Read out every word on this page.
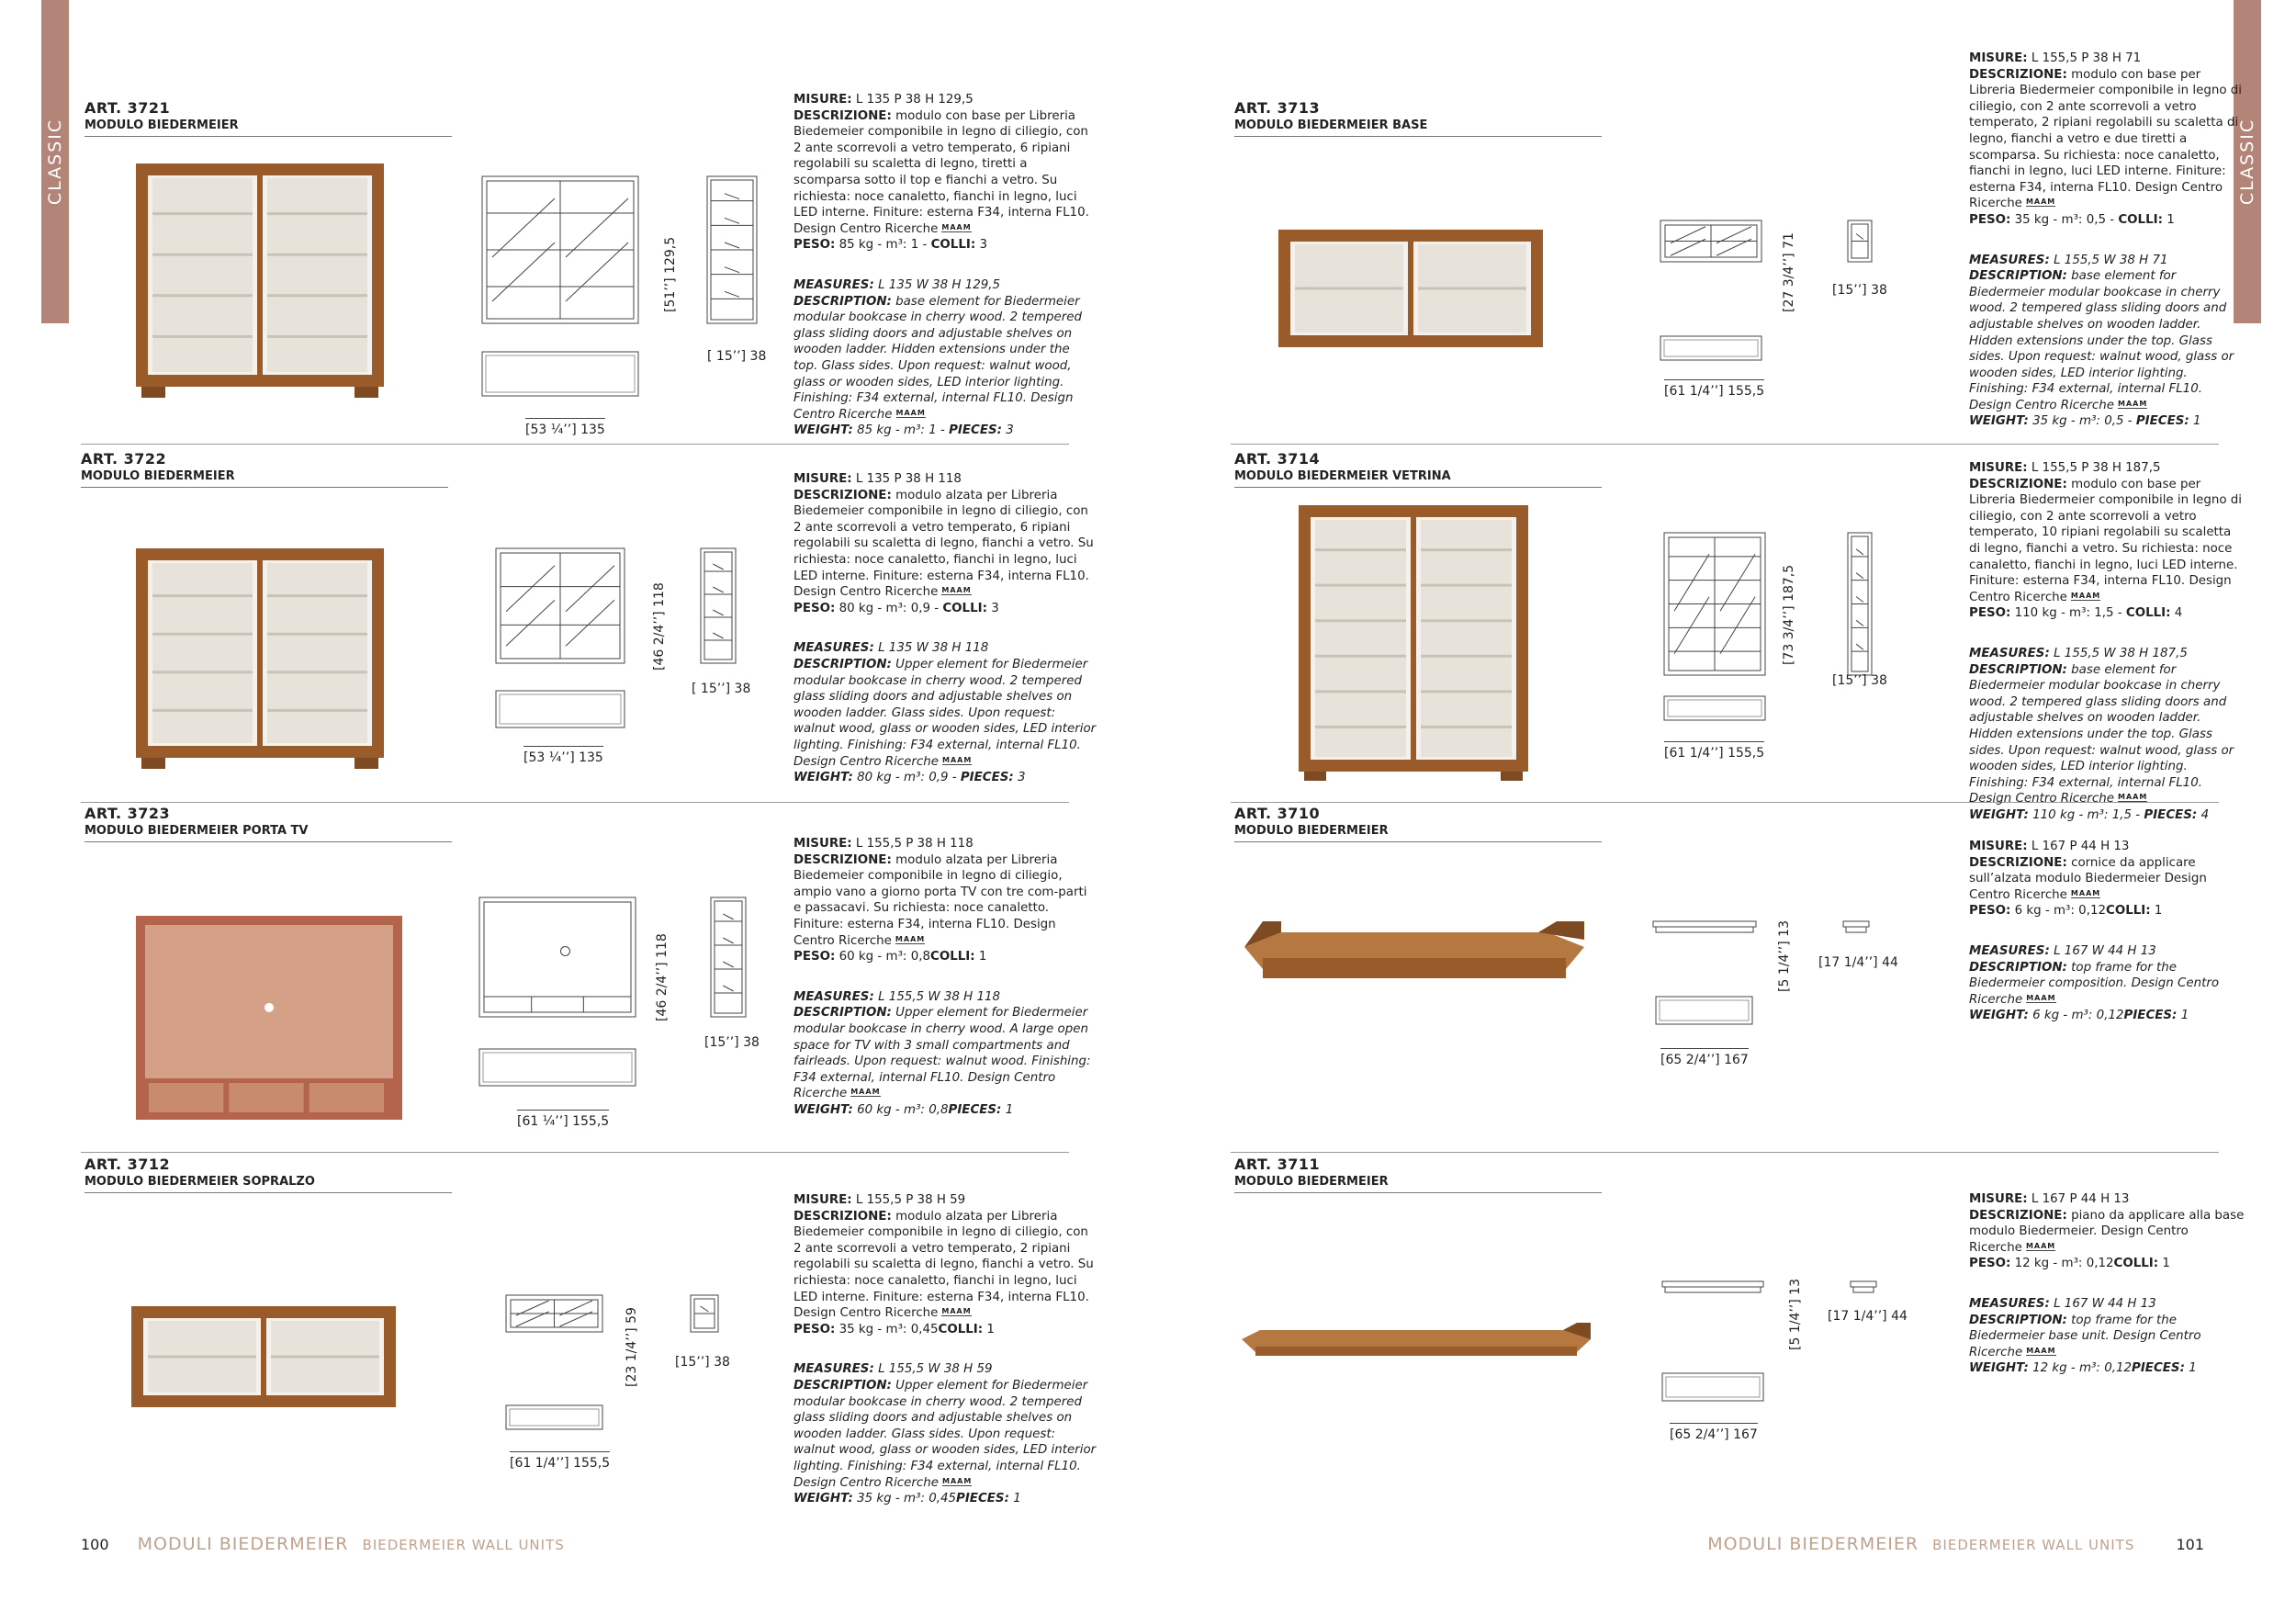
CLASSIC	CLASSIC
ART. 3721
MODULO BIEDERMEIER
[53 ¼’’] 135
[51’’] 129,5
[ 15’’] 38

MISURE: L 135 P 38 H 129,5
DESCRIZIONE: modulo con base per Libreria Biedemeier componibile in legno di ciliegio, con 2 ante scorrevoli a vetro temperato, 6 ripiani regolabili su scaletta di legno, tiretti a scomparsa sotto il top e fianchi a vetro. Su richiesta: noce canaletto, fianchi in legno, luci LED interne. Finiture: esterna F34, interna FL10. Design Centro Ricerche MAAM
PESO: 85 kg - m³: 1 - COLLI: 3

MEASURES: L 135 W 38 H 129,5
DESCRIPTION: base element for Biedermeier modular bookcase in cherry wood. 2 tempered glass sliding doors and adjustable shelves on wooden ladder. Hidden extensions under the top. Glass sides. Upon request: walnut wood, glass or wooden sides, LED interior lighting. Finishing: F34 external, internal FL10. Design Centro Ricerche MAAM
WEIGHT: 85 kg - m³: 1 - PIECES: 3

ART. 3722
MODULO BIEDERMEIER
[53 ¼’’] 135
[46 2/4’’] 118
[ 15’’] 38

MISURE: L 135 P 38 H 118
DESCRIZIONE: modulo alzata per Libreria Biedemeier componibile in legno di ciliegio, con 2 ante scorrevoli a vetro temperato, 6 ripiani regolabili su scaletta di legno, fianchi a vetro. Su richiesta: noce canaletto, fianchi in legno, luci LED interne. Finiture: esterna F34, interna FL10. Design Centro Ricerche MAAM
PESO: 80 kg - m³: 0,9 - COLLI: 3

MEASURES: L 135 W 38 H 118
DESCRIPTION: Upper element for Biedermeier modular bookcase in cherry wood. 2 tempered glass sliding doors and adjustable shelves on wooden ladder. Glass sides. Upon request: walnut wood, glass or wooden sides, LED interior lighting. Finishing: F34 external, internal FL10. Design Centro Ricerche MAAM
WEIGHT: 80 kg - m³: 0,9 - PIECES: 3

ART. 3723
MODULO BIEDERMEIER PORTA TV
[61 ¼’’] 155,5
[46 2/4’’] 118
[15’’] 38

MISURE: L 155,5 P 38 H 118
DESCRIZIONE: modulo alzata per Libreria Biedemeier componibile in legno di ciliegio, ampio vano a giorno porta TV con tre com-parti e passacavi. Su richiesta: noce canaletto. Finiture: esterna F34, interna FL10. Design Centro Ricerche MAAM
PESO: 60 kg - m³: 0,8COLLI: 1

MEASURES: L 155,5 W 38 H 118
DESCRIPTION: Upper element for Biedermeier modular bookcase in cherry wood. A large open space for TV with 3 small compartments and fairleads. Upon request: walnut wood. Finishing: F34 external, internal FL10. Design Centro Ricerche MAAM
WEIGHT: 60 kg - m³: 0,8PIECES: 1

ART. 3712
MODULO BIEDERMEIER SOPRALZO
[61 1/4’’] 155,5
[23 1/4’’] 59	[15’’] 38

MISURE: L 155,5 P 38 H 59
DESCRIZIONE: modulo alzata per Libreria Biedemeier componibile in legno di ciliegio, con 2 ante scorrevoli a vetro temperato, 2 ripiani regolabili su scaletta di legno, fianchi a vetro. Su richiesta: noce canaletto, fianchi in legno, luci LED interne. Finiture: esterna F34, interna FL10. Design Centro Ricerche MAAM
PESO: 35 kg - m³: 0,45COLLI: 1

MEASURES: L 155,5 W 38 H 59
DESCRIPTION: Upper element for Biedermeier modular bookcase in cherry wood. 2 tempered glass sliding doors and adjustable shelves on wooden ladder. Glass sides. Upon request: walnut wood, glass or wooden sides, LED interior lighting. Finishing: F34 external, internal FL10. Design Centro Ricerche MAAM
WEIGHT: 35 kg - m³: 0,45PIECES: 1

ART. 3713
MODULO BIEDERMEIER BASE
[61 1/4’’] 155,5
[27 3/4’’] 71	[15’’] 38

MISURE: L 155,5 P 38 H 71
DESCRIZIONE: modulo con base per Libreria Biedermeier componibile in legno di ciliegio, con 2 ante scorrevoli a vetro temperato, 2 ripiani regolabili su scaletta di legno, fianchi a vetro e due tiretti a scomparsa. Su richiesta: noce canaletto, fianchi in legno, luci LED interne. Finiture: esterna F34, interna FL10. Design Centro Ricerche MAAM
PESO: 35 kg - m³: 0,5 - COLLI: 1

MEASURES: L 155,5 W 38 H 71
DESCRIPTION: base element for Biedermeier modular bookcase in cherry wood. 2 tempered glass sliding doors and adjustable shelves on wooden ladder. Hidden extensions under the top. Glass sides. Upon request: walnut wood, glass or wooden sides, LED interior lighting. Finishing: F34 external, internal FL10. Design Centro Ricerche MAAM
WEIGHT: 35 kg - m³: 0,5 - PIECES: 1

ART. 3714
MODULO BIEDERMEIER VETRINA
[61 1/4’’] 155,5
[73 3/4’’] 187,5
[15’’] 38

MISURE: L 155,5 P 38 H 187,5
DESCRIZIONE: modulo con base per Libreria Biedermeier componibile in legno di ciliegio, con 2 ante scorrevoli a vetro temperato, 10 ripiani regolabili su scaletta di legno, fianchi a vetro. Su richiesta: noce canaletto, fianchi in legno, luci LED interne. Finiture: esterna F34, interna FL10. Design Centro Ricerche MAAM
PESO: 110 kg - m³: 1,5 - COLLI: 4

MEASURES: L 155,5 W 38 H 187,5
DESCRIPTION: base element for Biedermeier modular bookcase in cherry wood. 2 tempered glass sliding doors and adjustable shelves on wooden ladder. Hidden extensions under the top. Glass sides. Upon request: walnut wood, glass or wooden sides, LED interior lighting. Finishing: F34 external, internal FL10. Design Centro Ricerche MAAM
WEIGHT: 110 kg - m³: 1,5 - PIECES: 4

ART. 3710
MODULO BIEDERMEIER
[65 2/4’’] 167
[5 1/4’’] 13 [17 1/4’’] 44

MISURE: L 167 P 44 H 13
DESCRIZIONE: cornice da applicare sull’alzata modulo Biedermeier Design Centro Ricerche MAAM
PESO: 6 kg - m³: 0,12COLLI: 1

MEASURES: L 167 W 44 H 13
DESCRIPTION: top frame for the Biedermeier composition. Design Centro Ricerche MAAM
WEIGHT: 6 kg - m³: 0,12PIECES: 1

ART. 3711
MODULO BIEDERMEIER
[65 2/4’’] 167
[5 1/4’’] 13 [17 1/4’’] 44

MISURE: L 167 P 44 H 13
DESCRIZIONE: piano da applicare alla base modulo Biedermeier. Design Centro Ricerche MAAM
PESO: 12 kg - m³: 0,12COLLI: 1

MEASURES: L 167 W 44 H 13
DESCRIPTION: top frame for the Biedermeier base unit. Design Centro Ricerche MAAM
WEIGHT: 12 kg - m³: 0,12PIECES: 1

100 MODULI BIEDERMEIER BIEDERMEIER WALL UNITS	MODULI BIEDERMEIER BIEDERMEIER WALL UNITS	101
